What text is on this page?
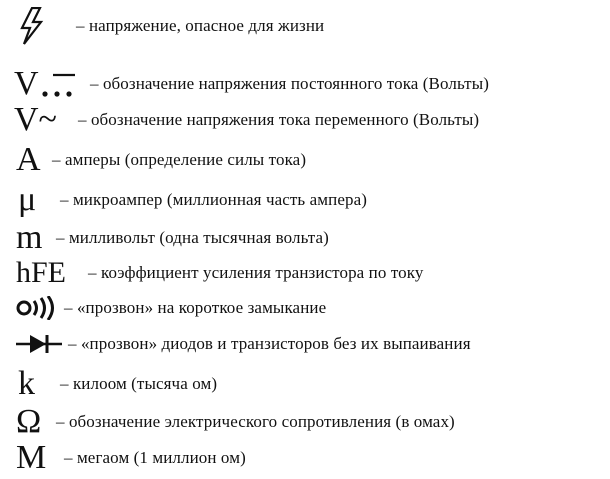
– напряжение, опасное для жизни
V	– обозначение напряжения постоянного тока (Вольты)
V~	– обозначение напряжения тока переменного (Вольты)
A – амперы (определение силы тока)
μ	– микроампер (миллионная часть ампера)
m – милливольт (одна тысячная вольта)
hFE	– коэффициент усиления транзистора по току
– «прозвон» на короткое замыкание
– «прозвон» диодов и транзисторов без их выпаивания
k	– килоом (тысяча ом)
Ω – обозначение электрического сопротивления (в омах)
M	– мегаом (1 миллион ом)
